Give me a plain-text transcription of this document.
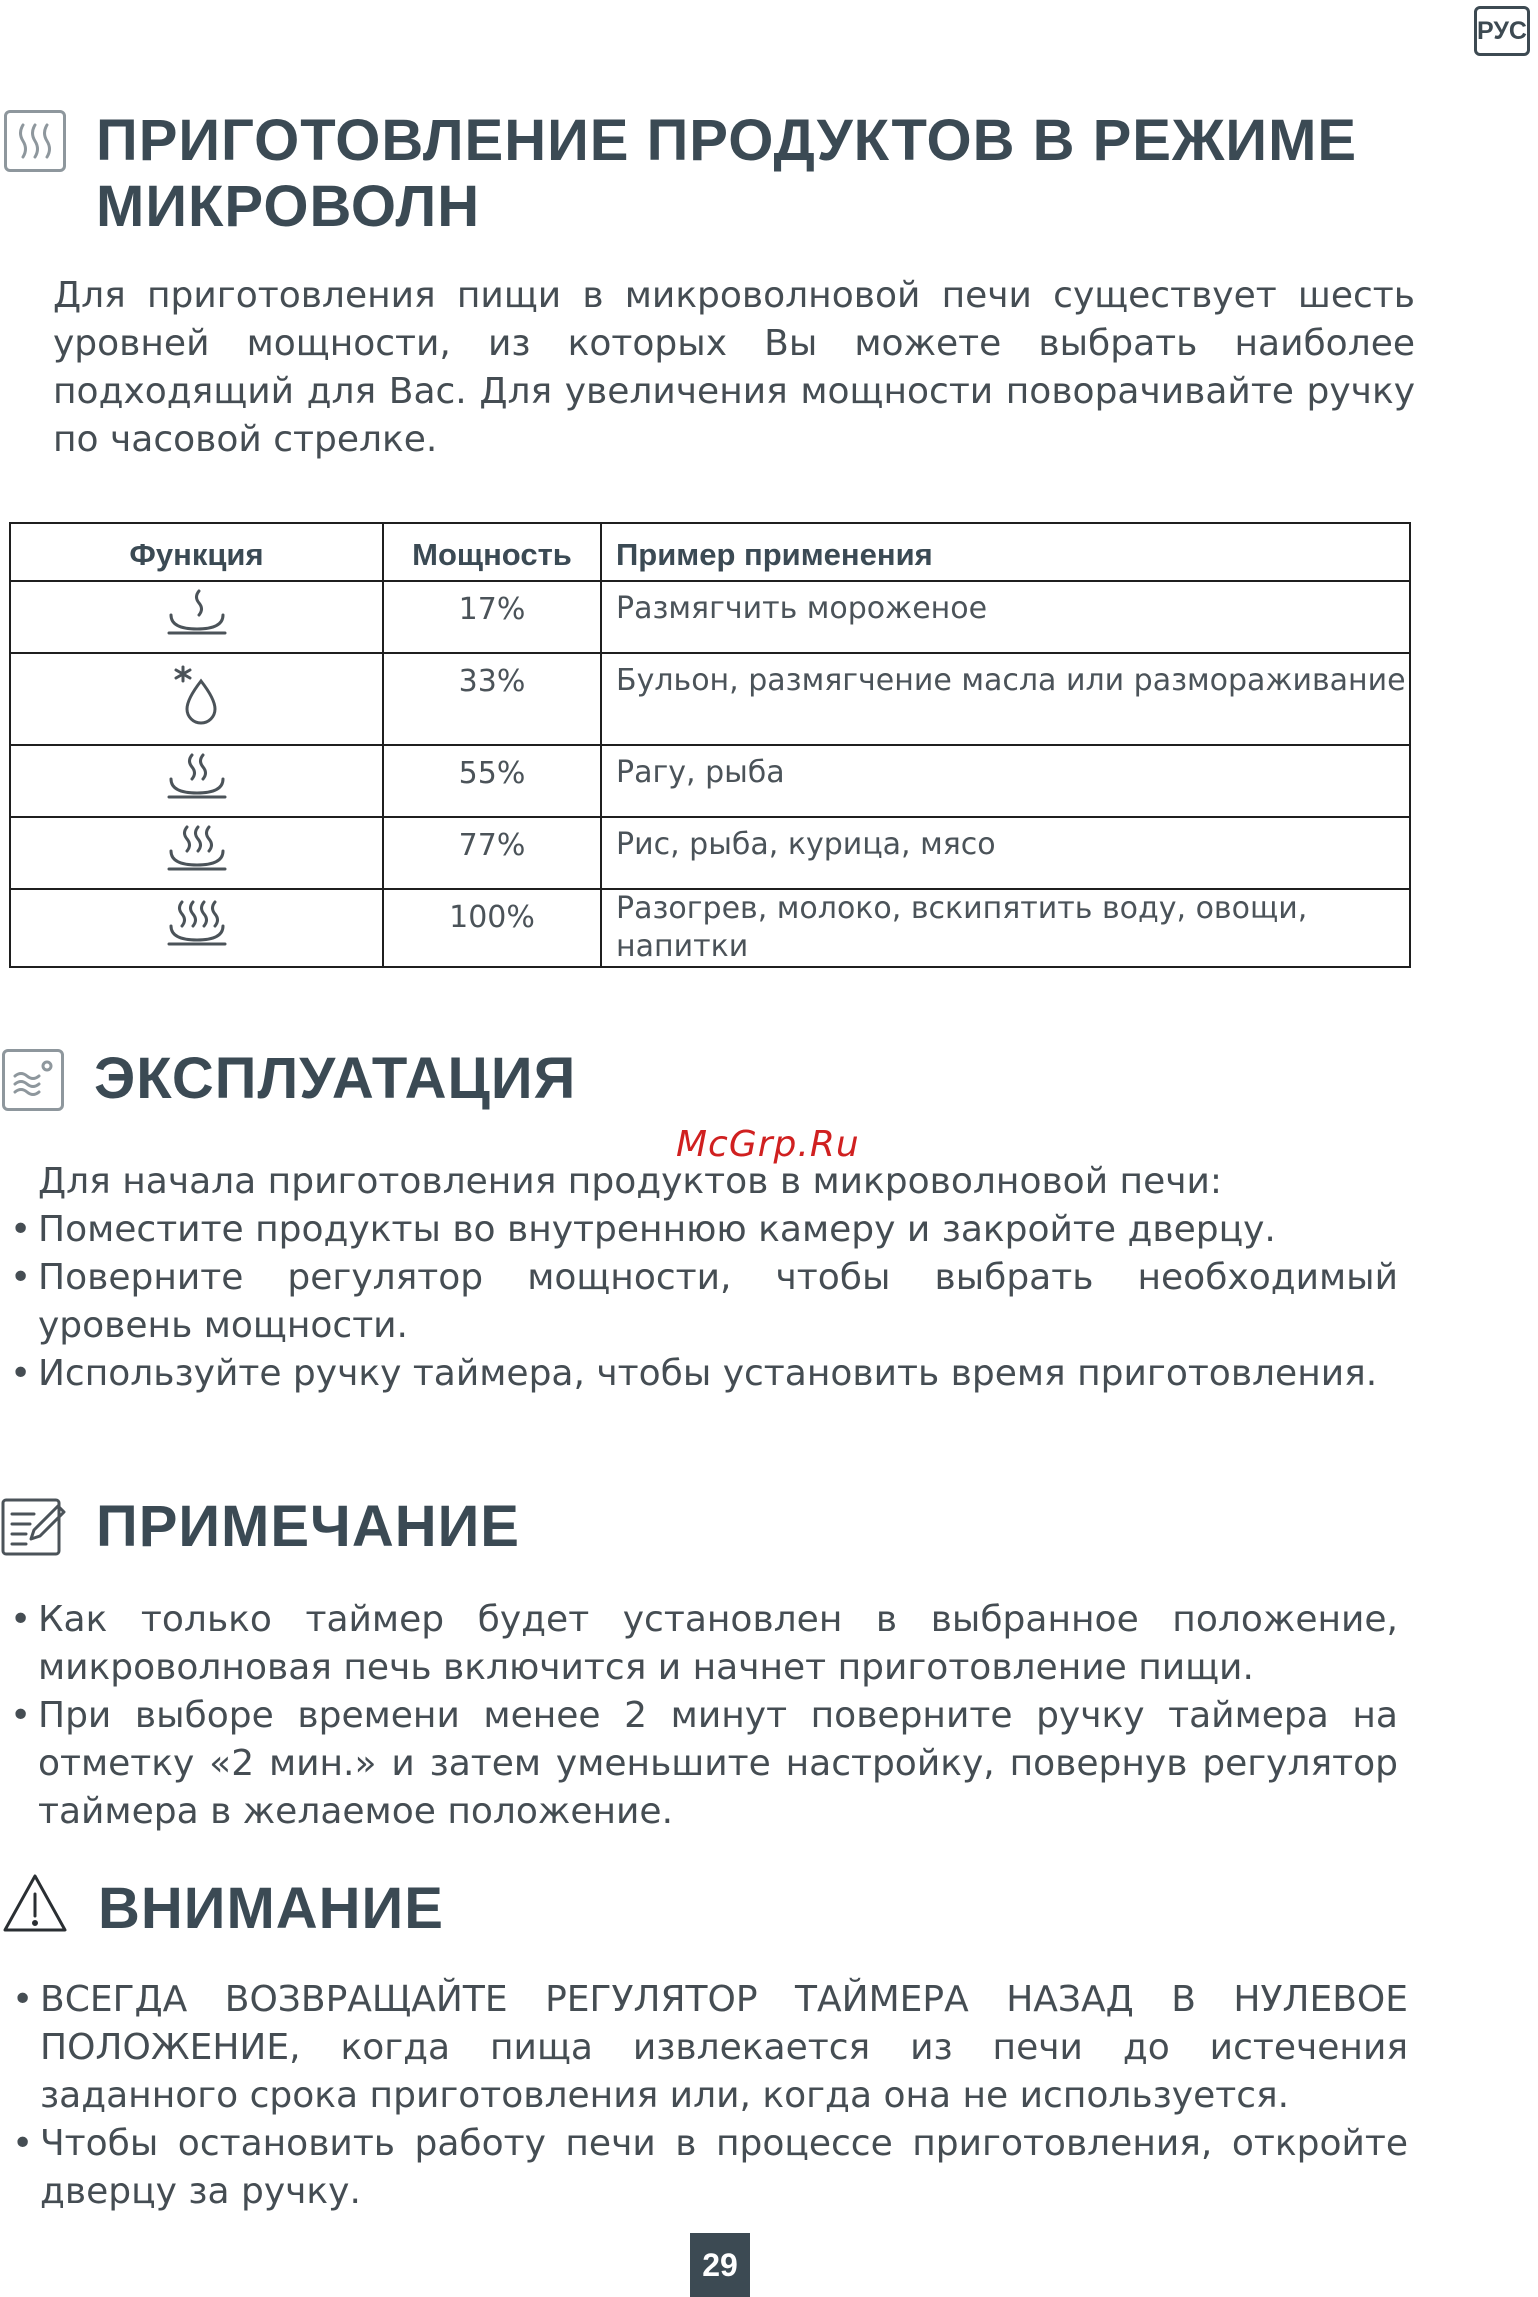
РУС
ПРИГОТОВЛЕНИЕ ПРОДУКТОВ В РЕЖИМЕ
МИКРОВОЛН

Для приготовления пищи в микроволновой печи существует шесть уровней мощности, из которых Вы можете выбрать наиболее подходящий для Вас. Для увеличения мощности поворачивайте ручку по часовой стрелке.

Функция	Мощность	Пример применения
	17%	Размягчить мороженое
	33%	Бульон, размягчение масла или размораживание
	55%	Рагу, рыба
	77%	Рис, рыба, курица, мясо
	100%	Разогрев, молоко, вскипятить воду, овощи, напитки
ЭКСПЛУАТАЦИЯ
McGrp.Ru

Для начала приготовления продуктов в микроволновой печи:

• Поместите продукты во внутреннюю камеру и закройте дверцу.
• Поверните регулятор мощности, чтобы выбрать необходимый уровень мощности.
• Используйте ручку таймера, чтобы установить время приготовления.
ПРИМЕЧАНИЕ
• Как только таймер будет установлен в выбранное положение, микроволновая печь включится и начнет приготовление пищи.
• При выборе времени менее 2 минут поверните ручку таймера на отметку «2 мин.» и затем уменьшите настройку, повернув регулятор таймера в желаемое положение.
ВНИМАНИЕ
• ВСЕГДА ВОЗВРАЩАЙТЕ РЕГУЛЯТОР ТАЙМЕРА НАЗАД В НУЛЕВОЕ ПОЛОЖЕНИЕ, когда пища извлекается из печи до истечения заданного срока приготовления или, когда она не используется.
• Чтобы остановить работу печи в процессе приготовления, откройте дверцу за ручку.
29
